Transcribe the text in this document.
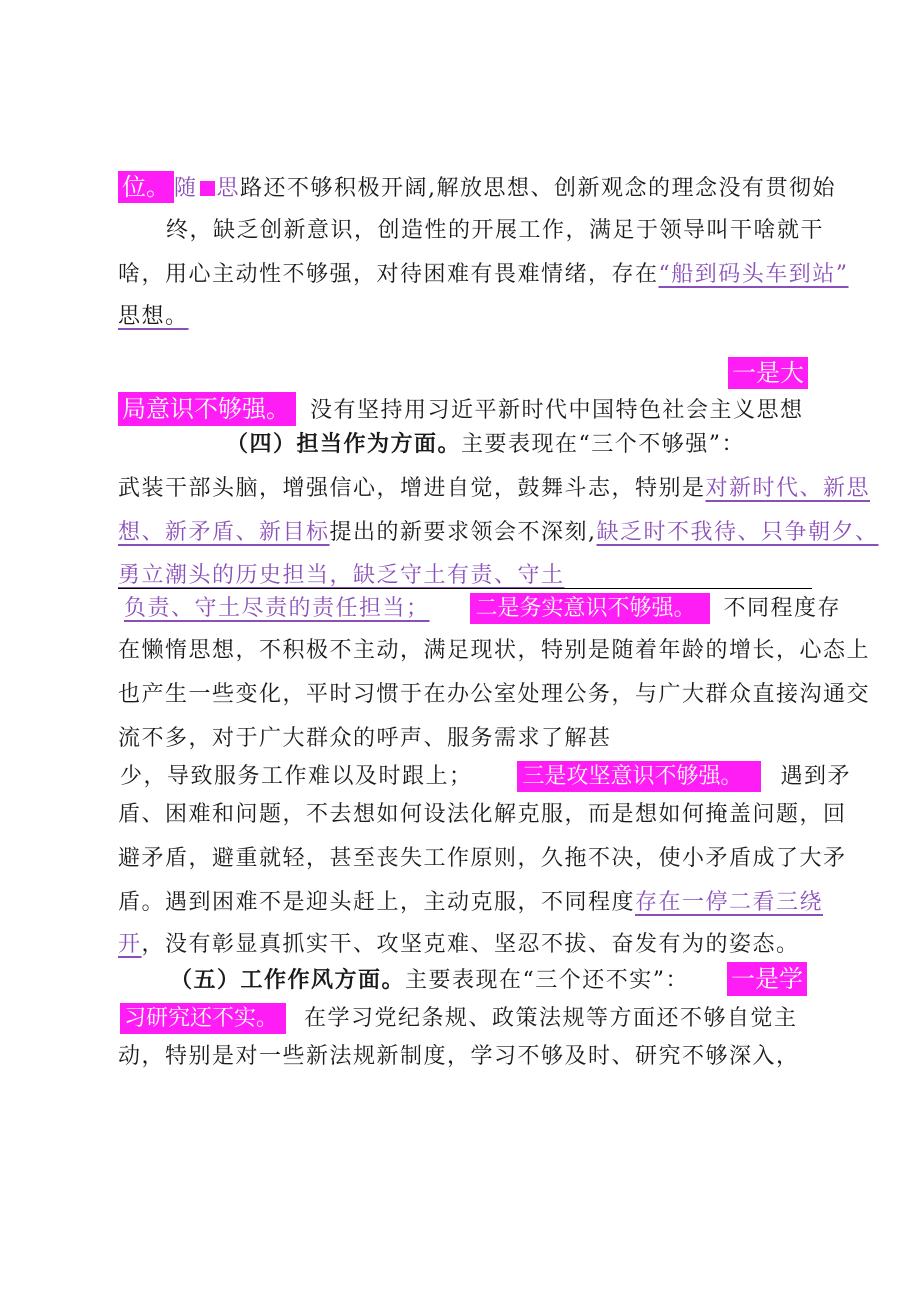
位。 随 思路还不够积极开阔,解放思想、创新观念的理念没有贯彻始
终，缺乏创新意识，创造性的开展工作，满足于领导叫干啥就干
啥，用心主动性不够强，对待困难有畏难情绪，存在“船到码头车到站”
思想。
一是大
局意识不够强。 没有坚持用习近平新时代中国特色社会主义思想
（四）担当作为方面。主要表现在“三个不够强”：
武装干部头脑，增强信心，增进自觉，鼓舞斗志，特别是对新时代、新思
想、新矛盾、新目标提出的新要求领会不深刻,缺乏时不我待、只争朝夕、
勇立潮头的历史担当，缺乏守土有责、守土
负责、守土尽责的责任担当； 二是务实意识不够强。 不同程度存
在懒惰思想，不积极不主动，满足现状，特别是随着年龄的增长，心态上
也产生一些变化，平时习惯于在办公室处理公务，与广大群众直接沟通交
流不多，对于广大群众的呼声、服务需求了解甚
少，导致服务工作难以及时跟上； 三是攻坚意识不够强。 遇到矛
盾、困难和问题，不去想如何设法化解克服，而是想如何掩盖问题，回
避矛盾，避重就轻，甚至丧失工作原则，久拖不决，使小矛盾成了大矛
盾。遇到困难不是迎头赶上，主动克服，不同程度存在一停二看三绕
开，没有彰显真抓实干、攻坚克难、坚忍不拔、奋发有为的姿态。
（五）工作作风方面。主要表现在“三个还不实”： 一是学
习研究还不实。 在学习党纪条规、政策法规等方面还不够自觉主
动，特别是对一些新法规新制度，学习不够及时、研究不够深入，
